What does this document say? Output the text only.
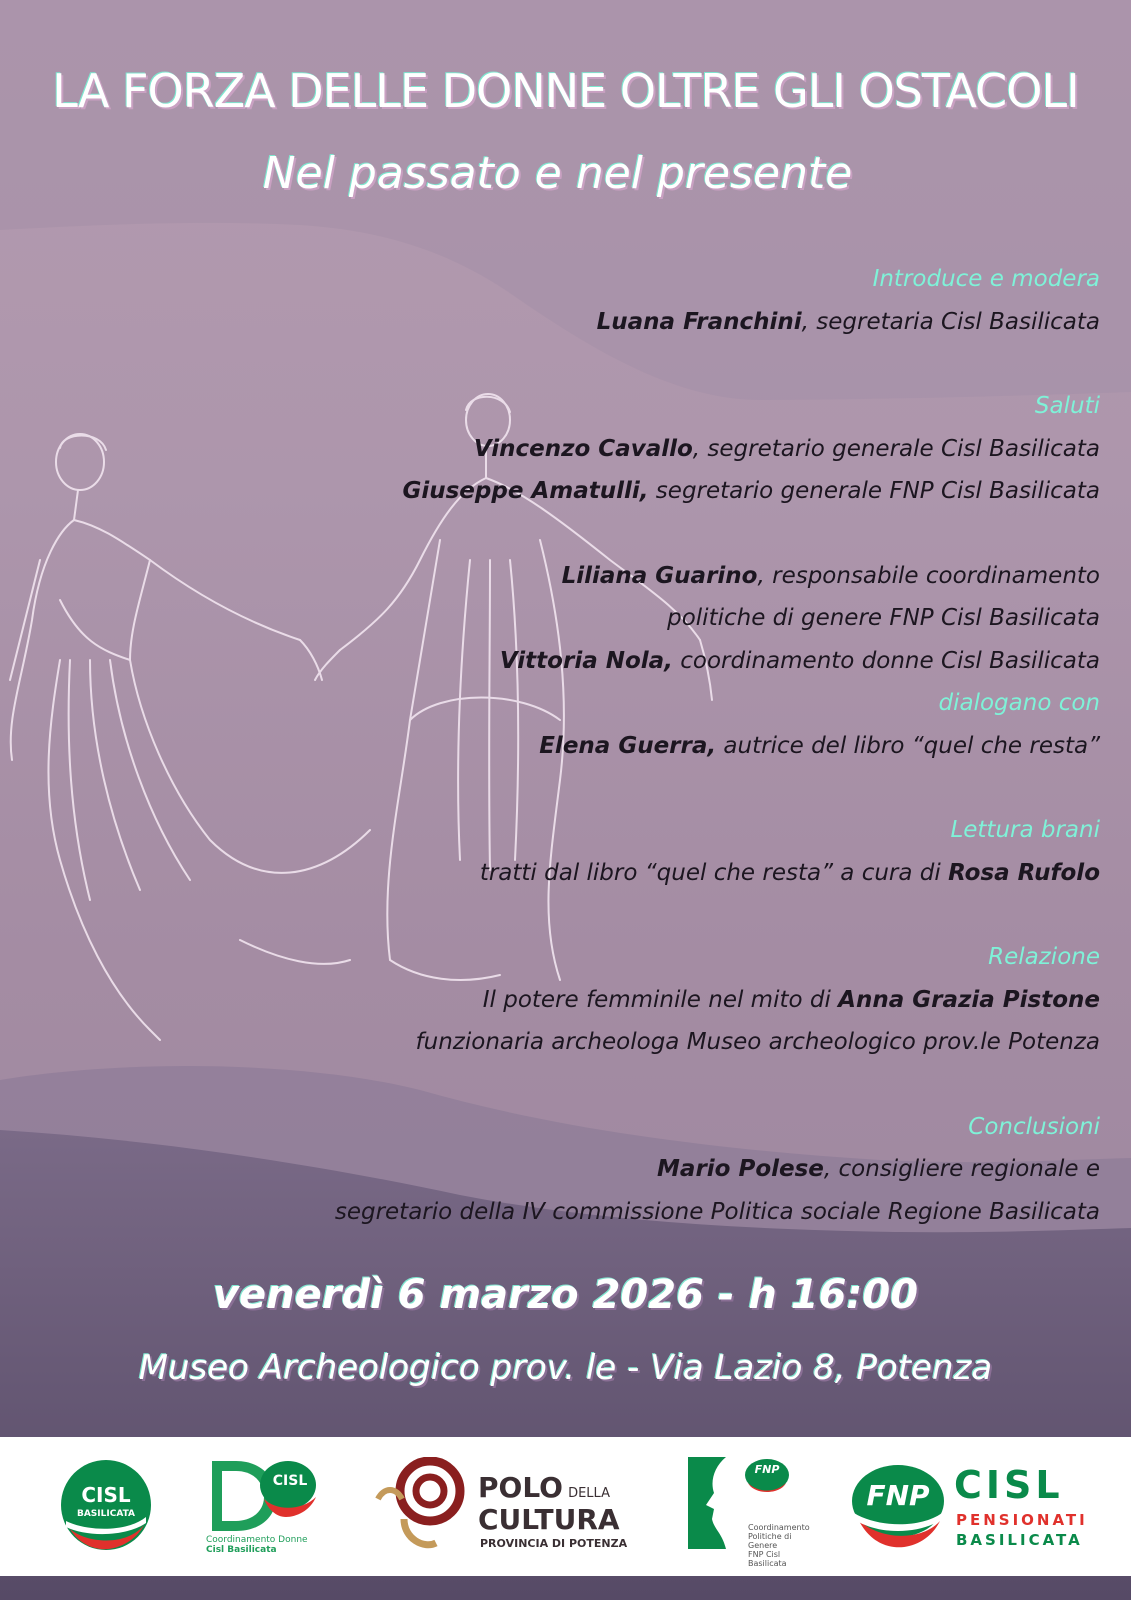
LA FORZA DELLE DONNE OLTRE GLI OSTACOLI
Nel passato e nel presente
Introduce e modera
Luana Franchini, segretaria Cisl Basilicata
Saluti
Vincenzo Cavallo, segretario generale Cisl Basilicata
Giuseppe Amatulli, segretario generale FNP Cisl Basilicata
Liliana Guarino, responsabile coordinamento
politiche di genere FNP Cisl Basilicata
Vittoria Nola, coordinamento donne Cisl Basilicata
dialogano con
Elena Guerra, autrice del libro “quel che resta”
Lettura brani
tratti dal libro “quel che resta” a cura di Rosa Rufolo
Relazione
Il potere femminile nel mito di Anna Grazia Pistone
funzionaria archeologa Museo archeologico prov.le Potenza
Conclusioni
Mario Polese, consigliere regionale e
segretario della IV commissione Politica sociale Regione Basilicata
venerdì 6 marzo 2026 - h 16:00
Museo Archeologico prov. le - Via Lazio 8, Potenza
CISL
BASILICATA
CISL
Coordinamento Donne
Cisl Basilicata
POLO DELLA
CULTURA
PROVINCIA DI POTENZA
FNP
Coordinamento
Politiche di Genere
FNP Cisl Basilicata
FNP CISL
PENSIONATI
BASILICATA
